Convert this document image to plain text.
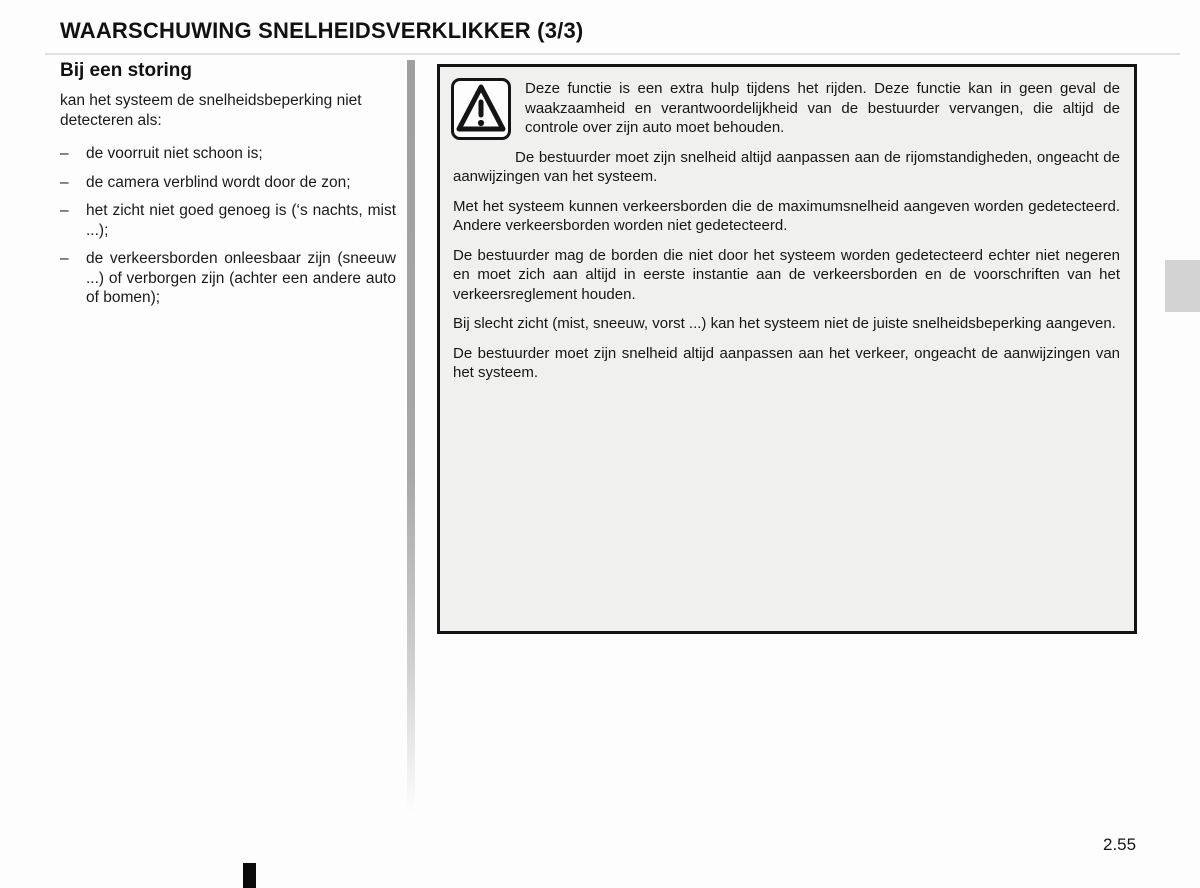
WAARSCHUWING SNELHEIDSVERKLIKKER (3/3)
Bij een storing

kan het systeem de snelheidsbeperking niet detecteren als:

–	de voorruit niet schoon is;
–	de camera verblind wordt door de zon;
–	het zicht niet goed genoeg is (‘s nachts, mist ...);
–	de verkeersborden onleesbaar zijn (sneeuw ...) of verborgen zijn (achter een andere auto of bomen);

Deze functie is een extra hulp tijdens het rijden. Deze functie kan in geen geval de waakzaamheid en verantwoordelijkheid van de bestuurder vervangen, die altijd de controle over zijn auto moet behouden.

De bestuurder moet zijn snelheid altijd aanpassen aan de rijomstandigheden, ongeacht de aanwijzingen van het systeem.

Met het systeem kunnen verkeersborden die de maximumsnelheid aangeven worden gedetecteerd. Andere verkeersborden worden niet gedetecteerd.

De bestuurder mag de borden die niet door het systeem worden gedetecteerd echter niet negeren en moet zich aan altijd in eerste instantie aan de verkeersborden en de voorschriften van het verkeersreglement houden.

Bij slecht zicht (mist, sneeuw, vorst ...) kan het systeem niet de juiste snelheidsbeperking aangeven.

De bestuurder moet zijn snelheid altijd aanpassen aan het verkeer, ongeacht de aanwijzingen van het systeem.

2.55
